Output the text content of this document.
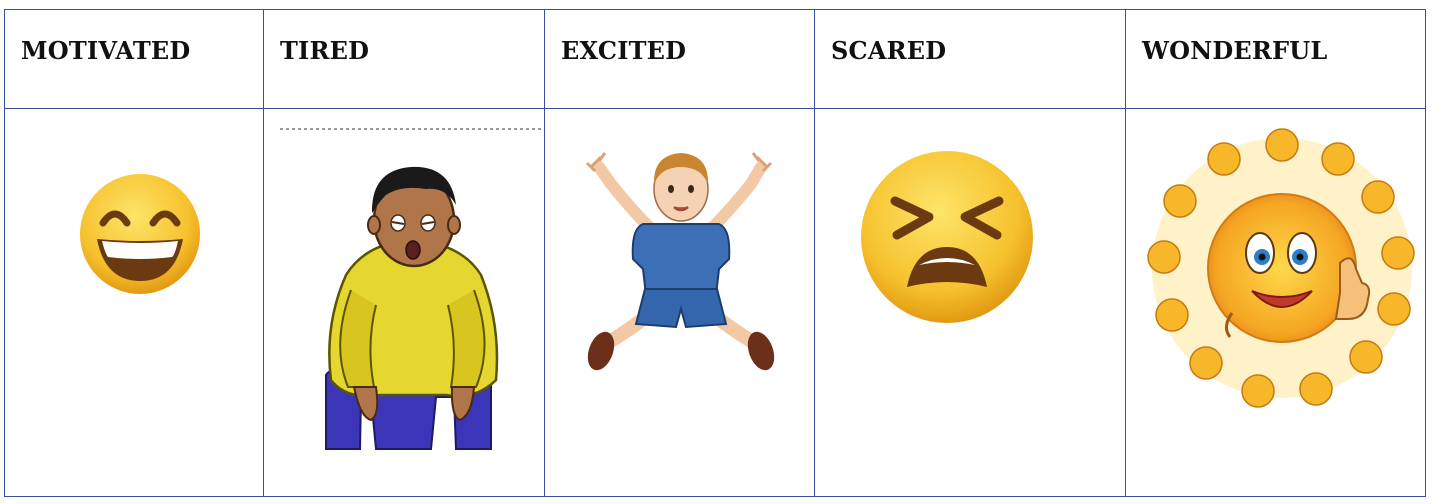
MOTIVATED	TIRED	EXCITED	SCARED	WONDERFUL
